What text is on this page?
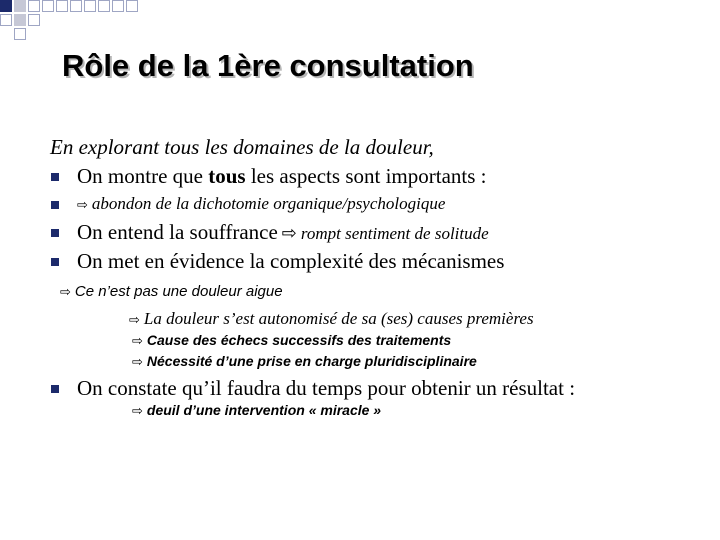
Rôle de la 1ère consultation
En explorant tous les domaines de la douleur,
On montre que tous les aspects sont importants :
⇨ abondon de la dichotomie organique/psychologique
On entend la souffrance ⇨ rompt sentiment de solitude
On met en évidence la complexité des mécanismes
⇨ Ce n’est pas une douleur aigue
⇨ La douleur s’est autonomisé de sa (ses) causes premières
⇨ Cause des échecs successifs des traitements
⇨ Nécessité d’une prise en charge pluridisciplinaire
On constate qu’il faudra du temps pour obtenir un résultat :
⇨ deuil d’une intervention « miracle »
